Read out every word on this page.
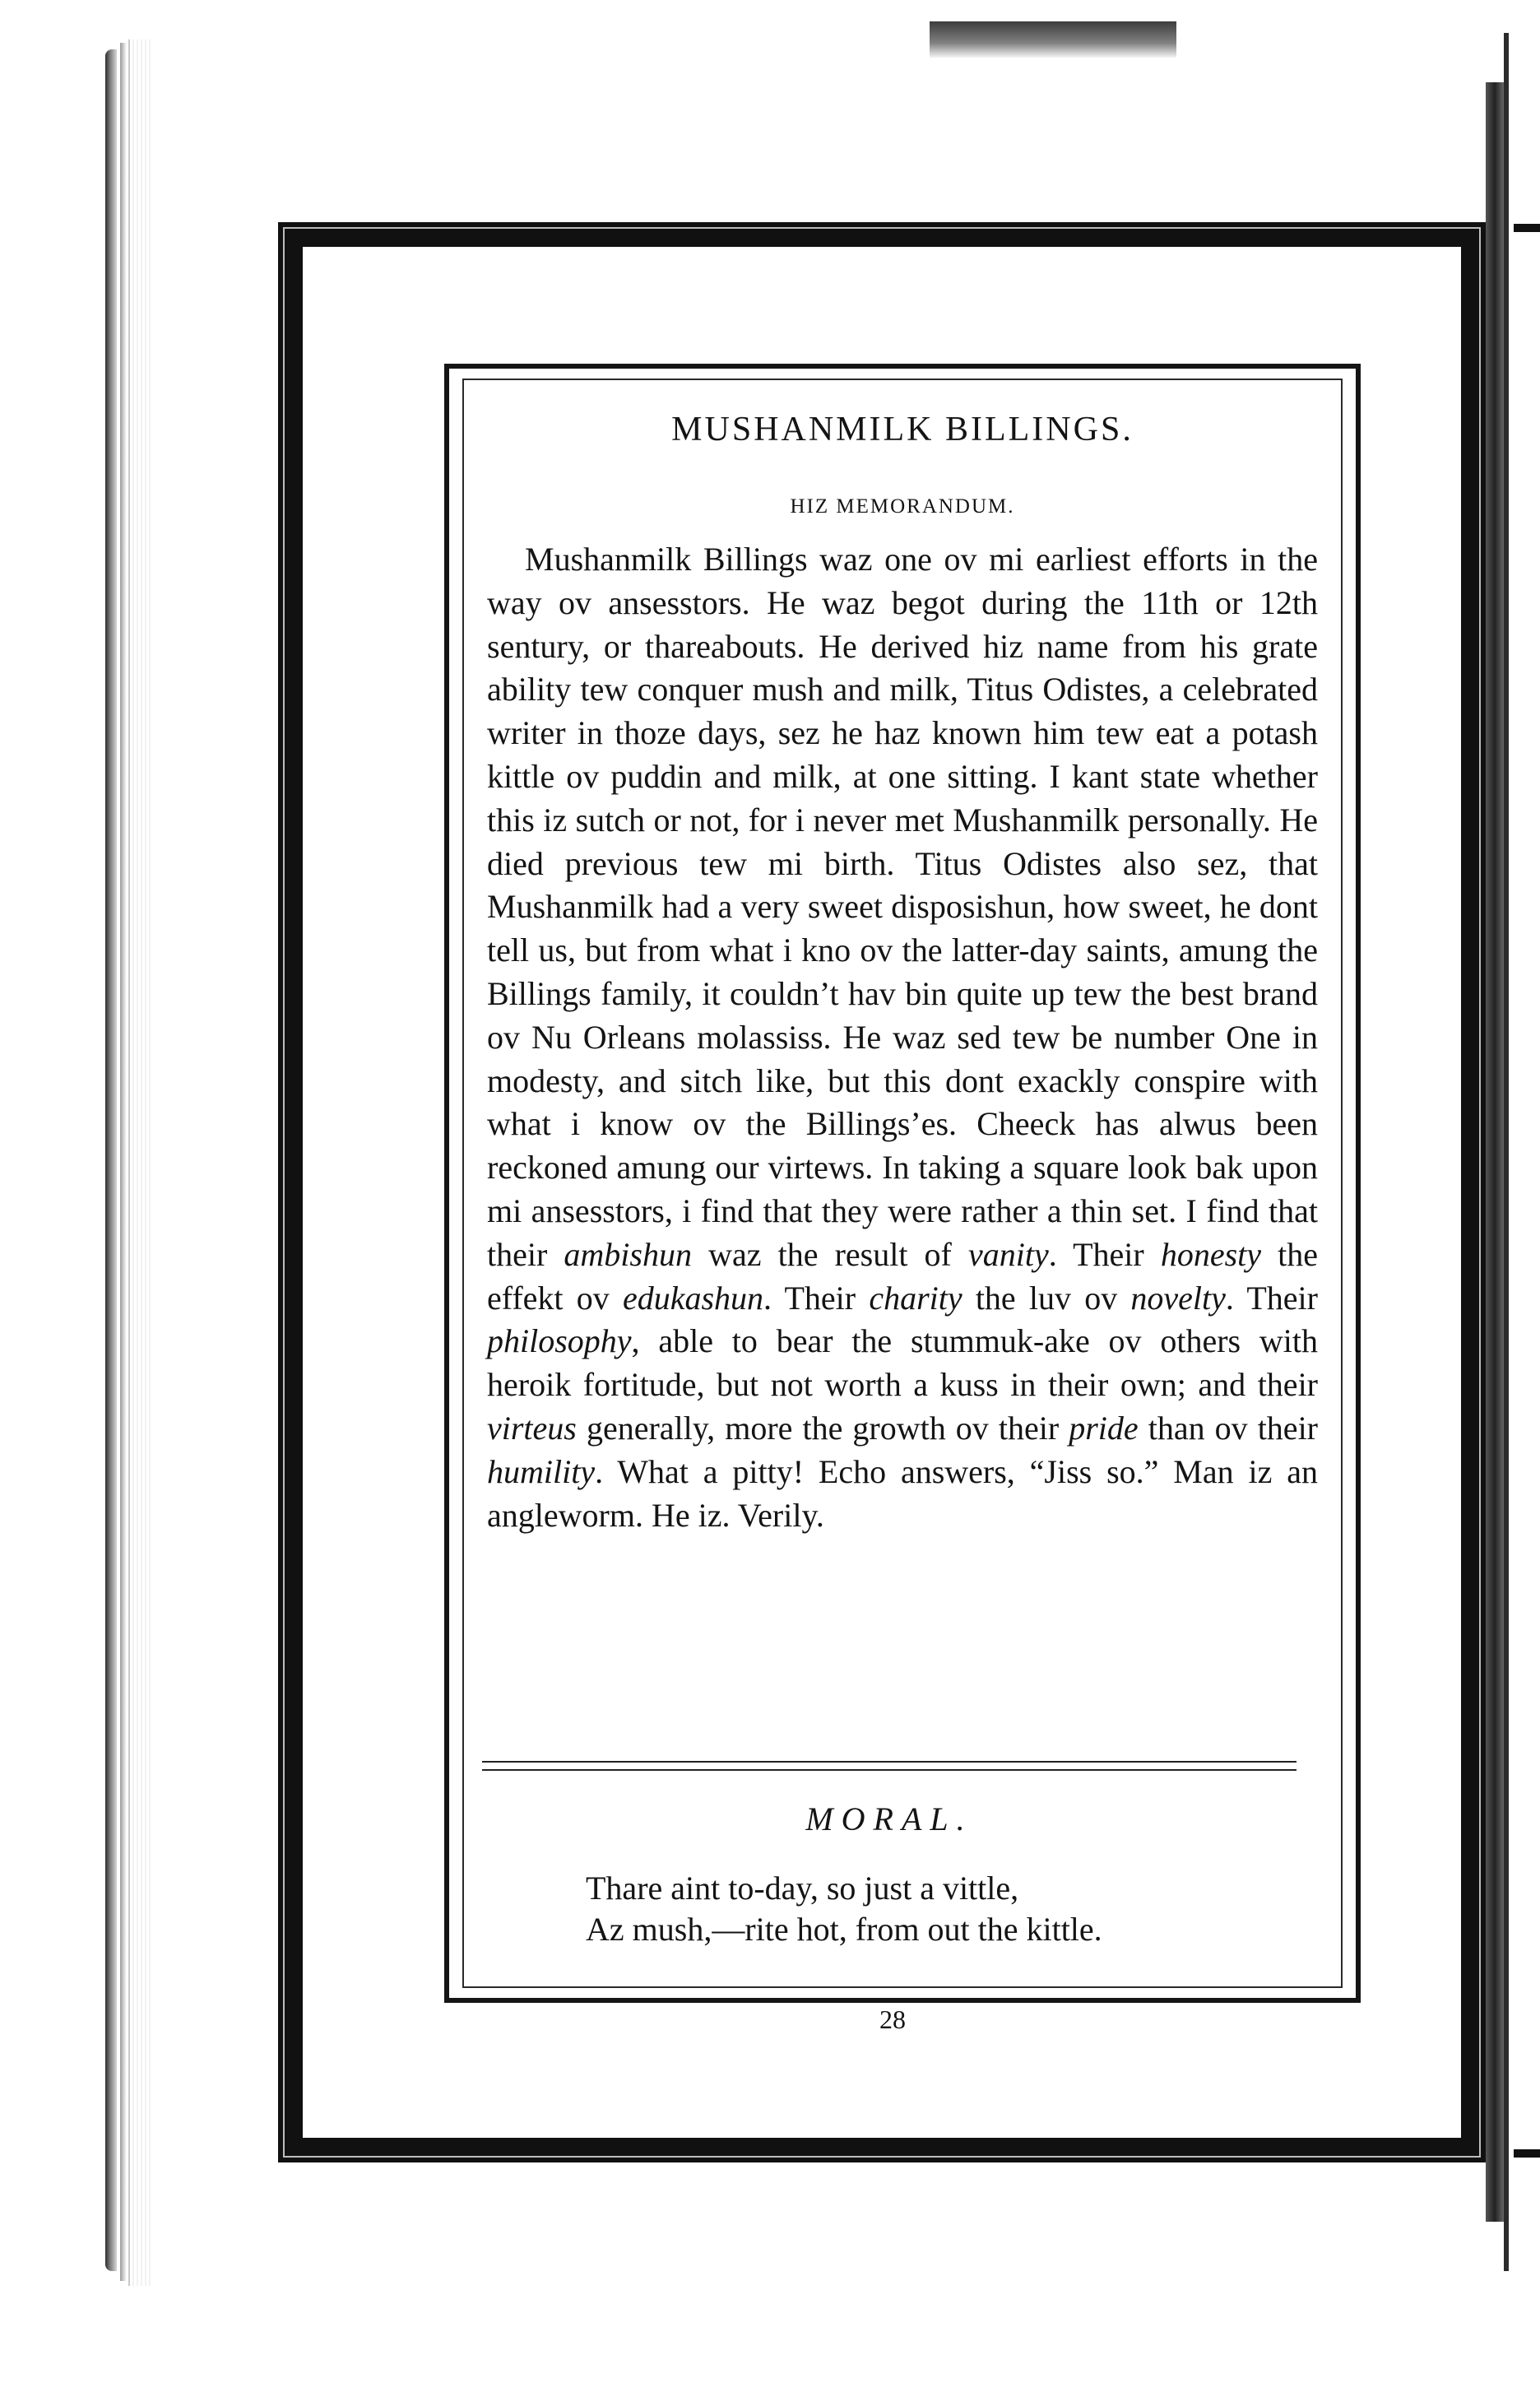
MUSHANMILK BILLINGS.
HIZ MEMORANDUM.

Mushanmilk Billings waz one ov mi earliest efforts in the way ov ansesstors. He waz begot during the 11th or 12th sentury, or thareabouts. He derived hiz name from his grate ability tew conquer mush and milk, Titus Odistes, a celebrated writer in thoze days, sez he haz known him tew eat a potash kittle ov puddin and milk, at one sitting. I kant state whether this iz sutch or not, for i never met Mushanmilk personally. He died previous tew mi birth. Titus Odistes also sez, that Mushanmilk had a very sweet disposishun, how sweet, he dont tell us, but from what i kno ov the latter-day saints, amung the Billings family, it couldn’t hav bin quite up tew the best brand ov Nu Orleans molassiss. He waz sed tew be number One in modesty, and sitch like, but this dont exackly conspire with what i know ov the Billings’es. Cheeck has alwus been reckoned amung our virtews. In taking a square look bak upon mi ansesstors, i find that they were rather a thin set. I find that their ambishun waz the result of vanity. Their honesty the effekt ov edukashun. Their charity the luv ov novelty. Their philosophy, able to bear the stummuk-ake ov others with heroik fortitude, but not worth a kuss in their own; and their virteus generally, more the growth ov their pride than ov their humility. What a pitty! Echo answers, “Jiss so.” Man iz an angleworm. He iz. Verily.

MORAL.
Thare aint to-day, so just a vittle,
Az mush,—rite hot, from out the kittle.
28
